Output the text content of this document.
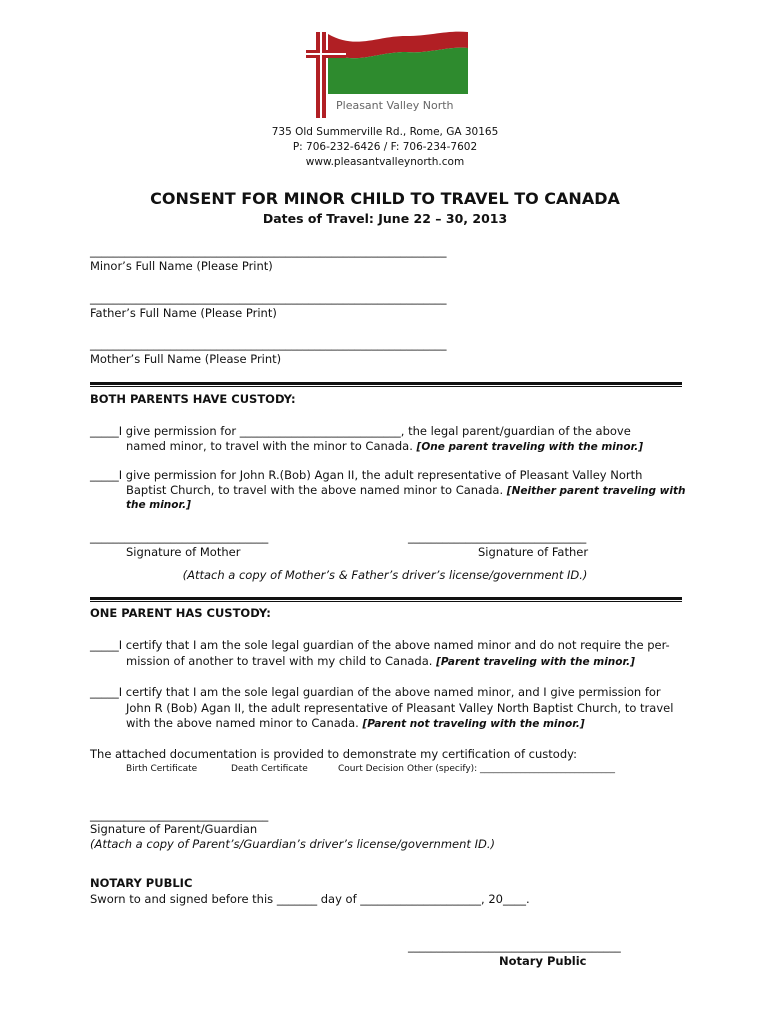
Pleasant Valley North
735 Old Summerville Rd., Rome, GA 30165
P: 706-232-6426 / F: 706-234-7602
www.pleasantvalleynorth.com
CONSENT FOR MINOR CHILD TO TRAVEL TO CANADA
Dates of Travel: June 22 – 30, 2013
______________________________________________________________
Minor’s Full Name (Please Print)
______________________________________________________________
Father’s Full Name (Please Print)
______________________________________________________________
Mother’s Full Name (Please Print)
BOTH PARENTS HAVE CUSTODY:
_____I give permission for ____________________________, the legal parent/guardian of the above
named minor, to travel with the minor to Canada. [One parent traveling with the minor.]
_____I give permission for John R.(Bob) Agan II, the adult representative of Pleasant Valley North
Baptist Church, to travel with the above named minor to Canada. [Neither parent traveling with
the minor.]
_______________________________	_______________________________
Signature of Mother	Signature of Father
(Attach a copy of Mother’s & Father’s driver’s license/government ID.)
ONE PARENT HAS CUSTODY:
_____I certify that I am the sole legal guardian of the above named minor and do not require the per-
mission of another to travel with my child to Canada. [Parent traveling with the minor.]
_____I certify that I am the sole legal guardian of the above named minor, and I give permission for
John R (Bob) Agan II, the adult representative of Pleasant Valley North Baptist Church, to travel
with the above named minor to Canada. [Parent not traveling with the minor.]
The attached documentation is provided to demonstrate my certification of custody:
Birth Certificate	Death Certificate	Court Decision Other (specify): ______________________________
_______________________________
Signature of Parent/Guardian
(Attach a copy of Parent’s/Guardian’s driver’s license/government ID.)
NOTARY PUBLIC
Sworn to and signed before this _______ day of _____________________, 20____.
_____________________________________
Notary Public
